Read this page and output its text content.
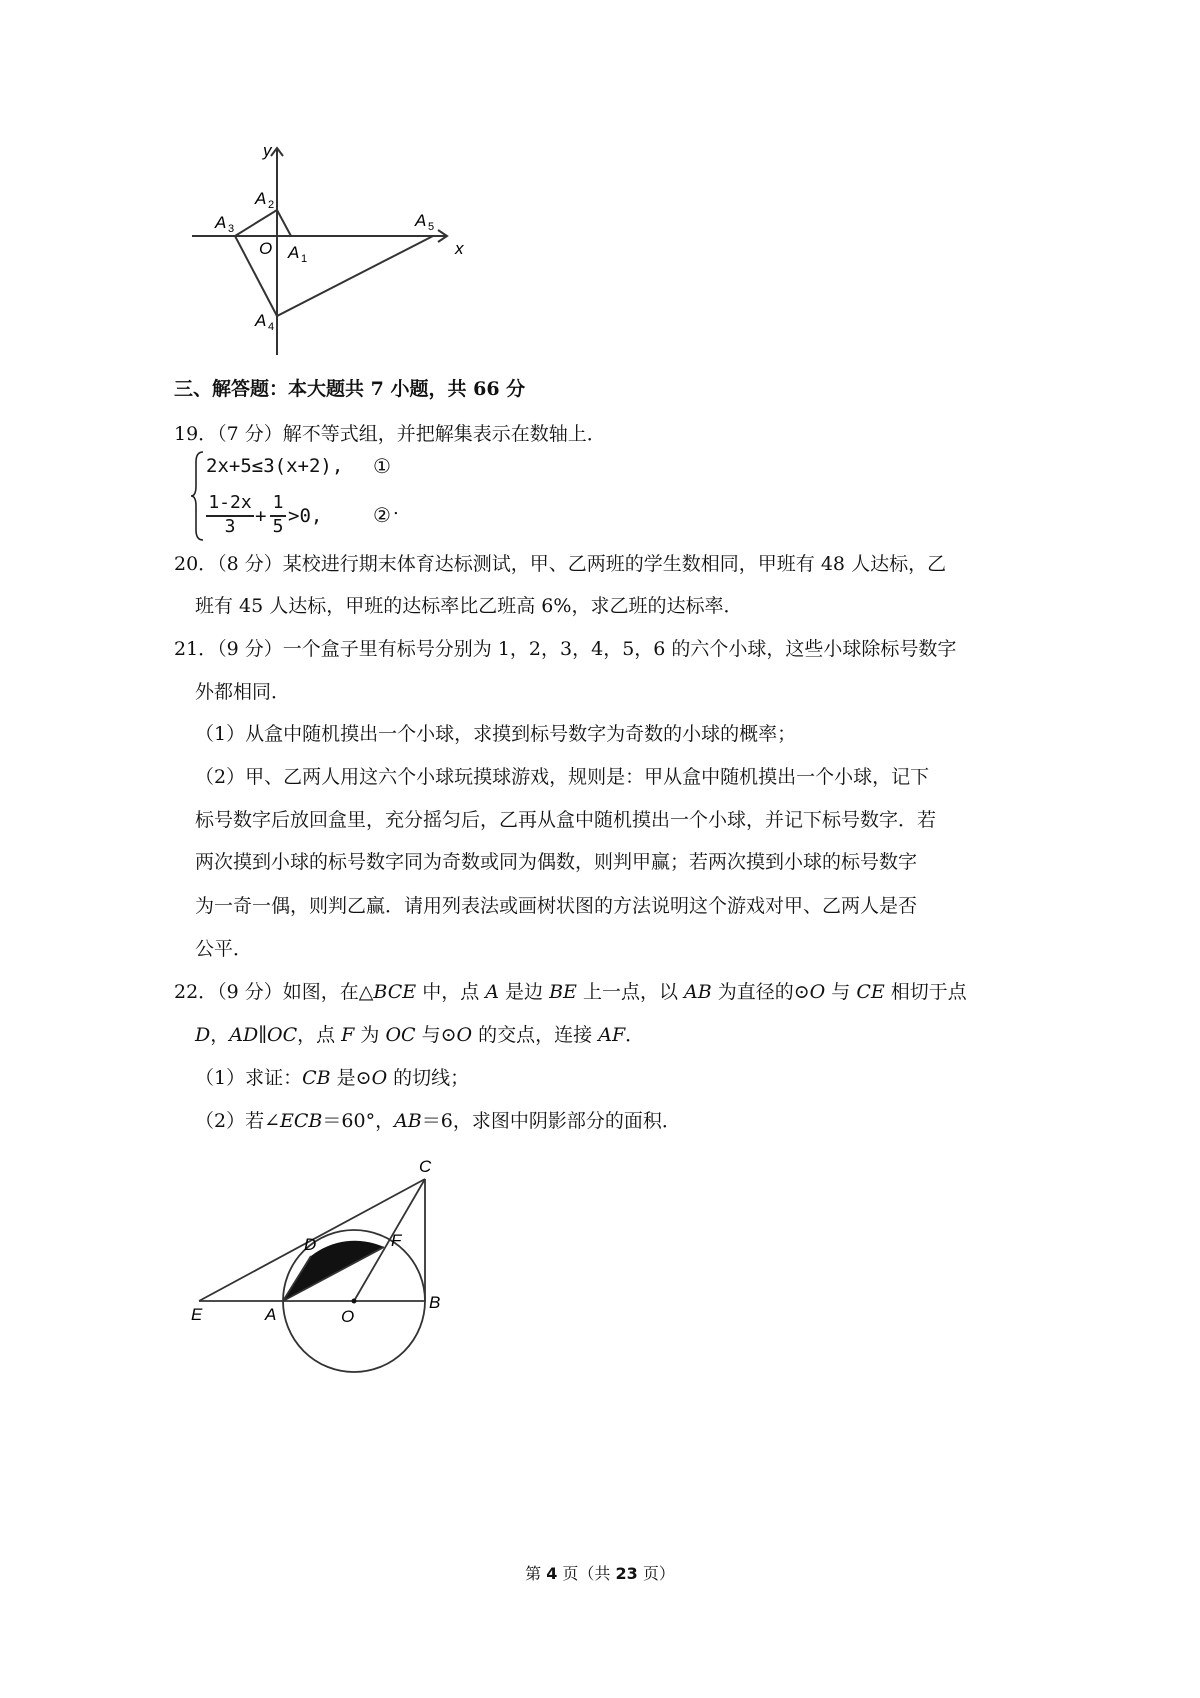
y
x
O A 1
A 2
A 3
A 4
A 5
三、解答题：本大题共 7 小题，共 66 分
19．（7 分）解不等式组，并把解集表示在数轴上．
2x+5≤3(x+2), ①
1-2x
3	+
1
5 >0,	② .
20．（8 分）某校进行期末体育达标测试，甲、乙两班的学生数相同，甲班有 48 人达标，乙
班有 45 人达标，甲班的达标率比乙班高 6%，求乙班的达标率．
21．（9 分）一个盒子里有标号分别为 1，2，3，4，5，6 的六个小球，这些小球除标号数字
外都相同．
（1）从盒中随机摸出一个小球，求摸到标号数字为奇数的小球的概率；
（2）甲、乙两人用这六个小球玩摸球游戏，规则是：甲从盒中随机摸出一个小球，记下
标号数字后放回盒里，充分摇匀后，乙再从盒中随机摸出一个小球，并记下标号数字．若
两次摸到小球的标号数字同为奇数或同为偶数，则判甲赢；若两次摸到小球的标号数字
为一奇一偶，则判乙赢．请用列表法或画树状图的方法说明这个游戏对甲、乙两人是否
公平．
22．（9 分）如图，在△BCE 中，点 A 是边 BE 上一点，以 AB 为直径的⊙O 与 CE 相切于点
D，AD∥OC，点 F 为 OC 与⊙O 的交点，连接 AF．
（1）求证：CB 是⊙O 的切线；
（2）若∠ECB＝60°，AB＝6，求图中阴影部分的面积．
C
D	F
E	A	O
B
第 4 页（共 23 页）
